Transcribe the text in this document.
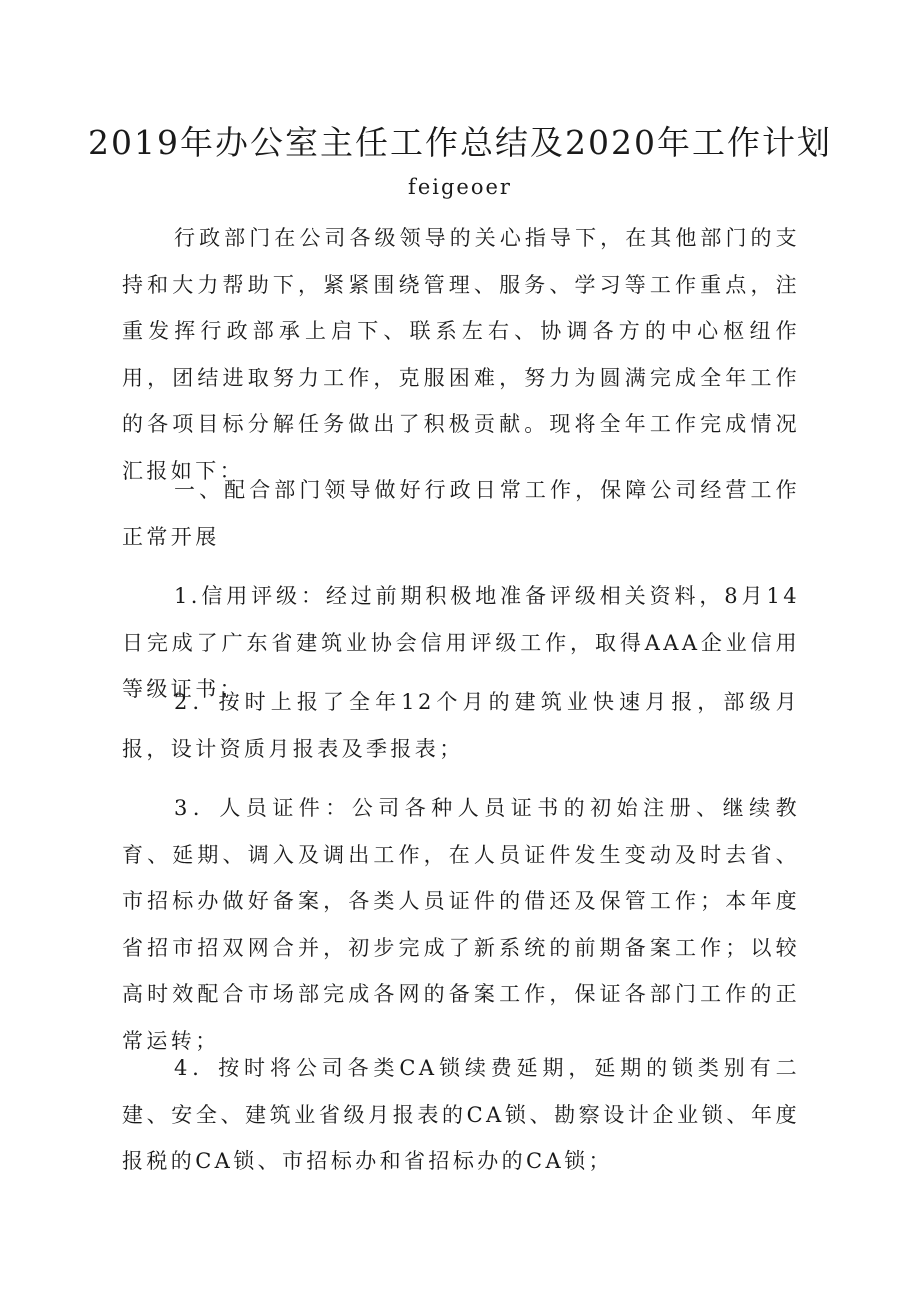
2019年办公室主任工作总结及2020年工作计划
feigeoer

行政部门在公司各级领导的关心指导下，在其他部门的支持和大力帮助下，紧紧围绕管理、服务、学习等工作重点，注重发挥行政部承上启下、联系左右、协调各方的中心枢纽作用，团结进取努力工作，克服困难，努力为圆满完成全年工作的各项目标分解任务做出了积极贡献。现将全年工作完成情况汇报如下：

一、配合部门领导做好行政日常工作，保障公司经营工作正常开展

1.信用评级：经过前期积极地准备评级相关资料，8月14日完成了广东省建筑业协会信用评级工作，取得AAA企业信用等级证书；

2．按时上报了全年12个月的建筑业快速月报，部级月报，设计资质月报表及季报表；

3．人员证件：公司各种人员证书的初始注册、继续教育、延期、调入及调出工作，在人员证件发生变动及时去省、市招标办做好备案，各类人员证件的借还及保管工作；本年度省招市招双网合并，初步完成了新系统的前期备案工作；以较高时效配合市场部完成各网的备案工作，保证各部门工作的正常运转；

4．按时将公司各类CA锁续费延期，延期的锁类别有二建、安全、建筑业省级月报表的CA锁、勘察设计企业锁、年度报税的CA锁、市招标办和省招标办的CA锁；
